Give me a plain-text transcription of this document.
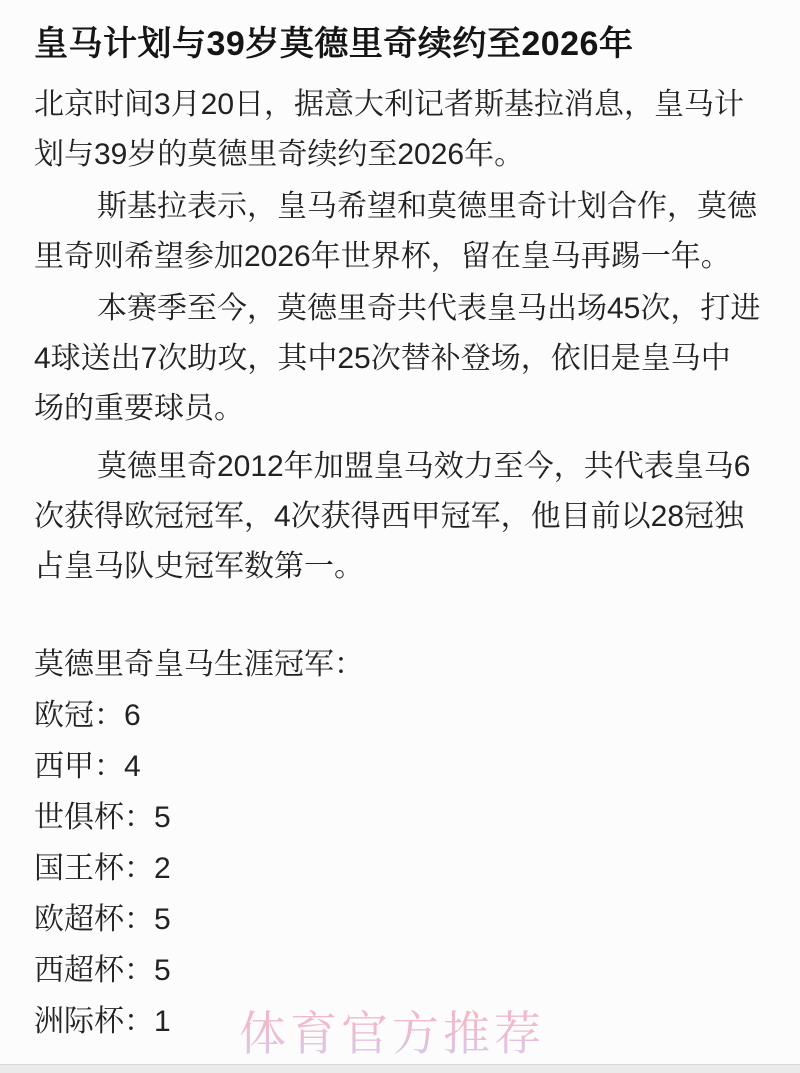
皇马计划与39岁莫德里奇续约至2026年

北京时间3月20日，据意大利记者斯基拉消息，皇马计
划与39岁的莫德里奇续约至2026年。

斯基拉表示，皇马希望和莫德里奇计划合作，莫德
里奇则希望参加2026年世界杯，留在皇马再踢一年。

本赛季至今，莫德里奇共代表皇马出场45次，打进
4球送出7次助攻，其中25次替补登场，依旧是皇马中
场的重要球员。

莫德里奇2012年加盟皇马效力至今，共代表皇马6
次获得欧冠冠军，4次获得西甲冠军，他目前以28冠独
占皇马队史冠军数第一。

莫德里奇皇马生涯冠军：
欧冠：6
西甲：4
世俱杯：5
国王杯：2
欧超杯：5
西超杯：5
洲际杯：1	体育官方推荐
